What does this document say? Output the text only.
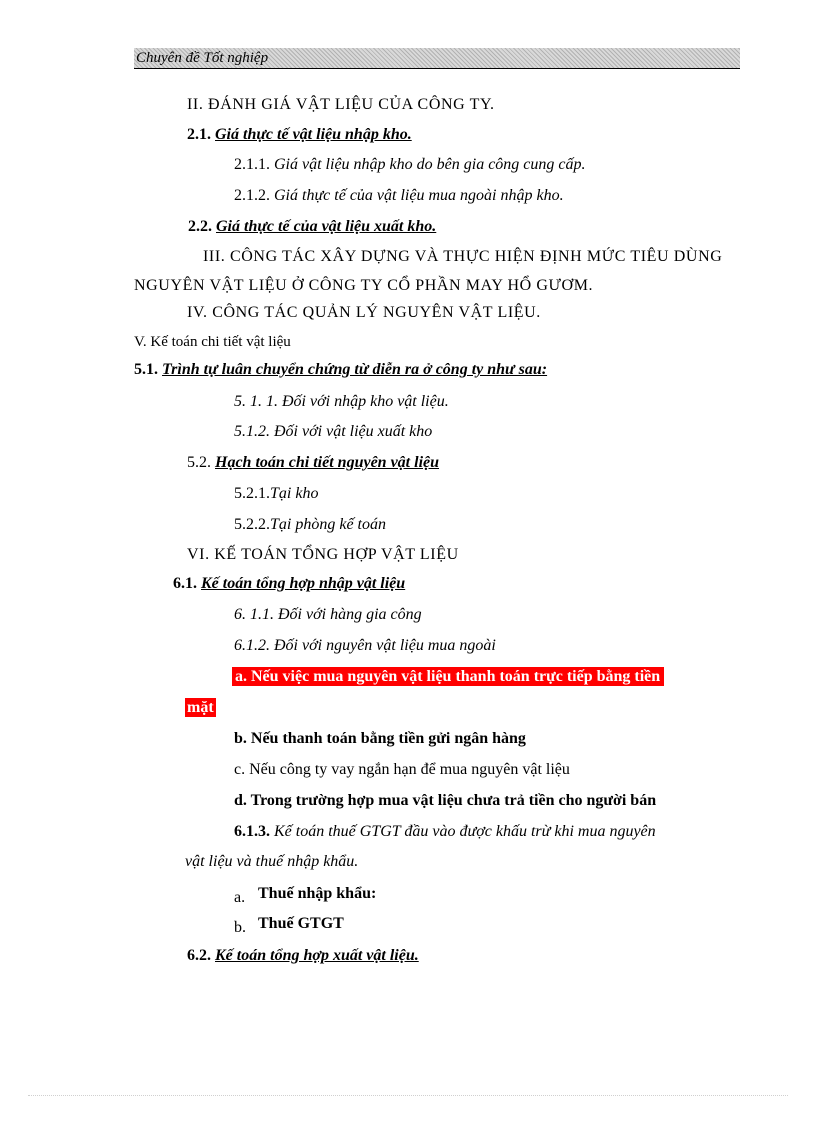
Chuyên đề Tốt nghiệp
II. ĐÁNH GIÁ VẬT LIỆU CỦA CÔNG TY.
2.1. Giá thực tế vật liệu nhập kho.
2.1.1. Giá vật liệu nhập kho do bên gia công cung cấp.
2.1.2. Giá thực tế của vật liệu mua ngoài nhập kho.
2.2. Giá thực tế của vật liệu xuất kho.
III. CÔNG TÁC XÂY DỰNG VÀ THỰC HIỆN ĐỊNH MỨC TIÊU DÙNG
NGUYÊN VẬT LIỆU Ở CÔNG TY CỔ PHẦN MAY HỔ GƯƠM.
IV. CÔNG TÁC QUẢN LÝ NGUYÊN VẬT LIỆU.
V. Kế toán chi tiết vật liệu
5.1. Trình tự luân chuyển chứng từ diễn ra ở công ty như sau:
5. 1. 1. Đối với nhập kho vật liệu.
5.1.2. Đối với vật liệu xuất kho
5.2. Hạch toán chi tiết nguyên vật liệu
5.2.1.Tại kho
5.2.2.Tại phòng kế toán
VI. KẾ TOÁN TỔNG HỢP VẬT LIỆU
6.1. Kế toán tổng hợp nhập vật liệu
6. 1.1. Đối với hàng gia công
6.1.2. Đối với nguyên vật liệu mua ngoài
a. Nếu việc mua nguyên vật liệu thanh toán trực tiếp bằng tiền
mặt
b. Nếu thanh toán bằng tiền gửi ngân hàng
c. Nếu công ty vay ngắn hạn để mua nguyên vật liệu
d. Trong trường hợp mua vật liệu chưa trả tiền cho người bán
6.1.3. Kế toán thuế GTGT đầu vào được khấu trừ khi mua nguyên
vật liệu và thuế nhập khẩu.
a. Thuế nhập khẩu:
b. Thuế GTGT
6.2. Kế toán tổng hợp xuất vật liệu.
